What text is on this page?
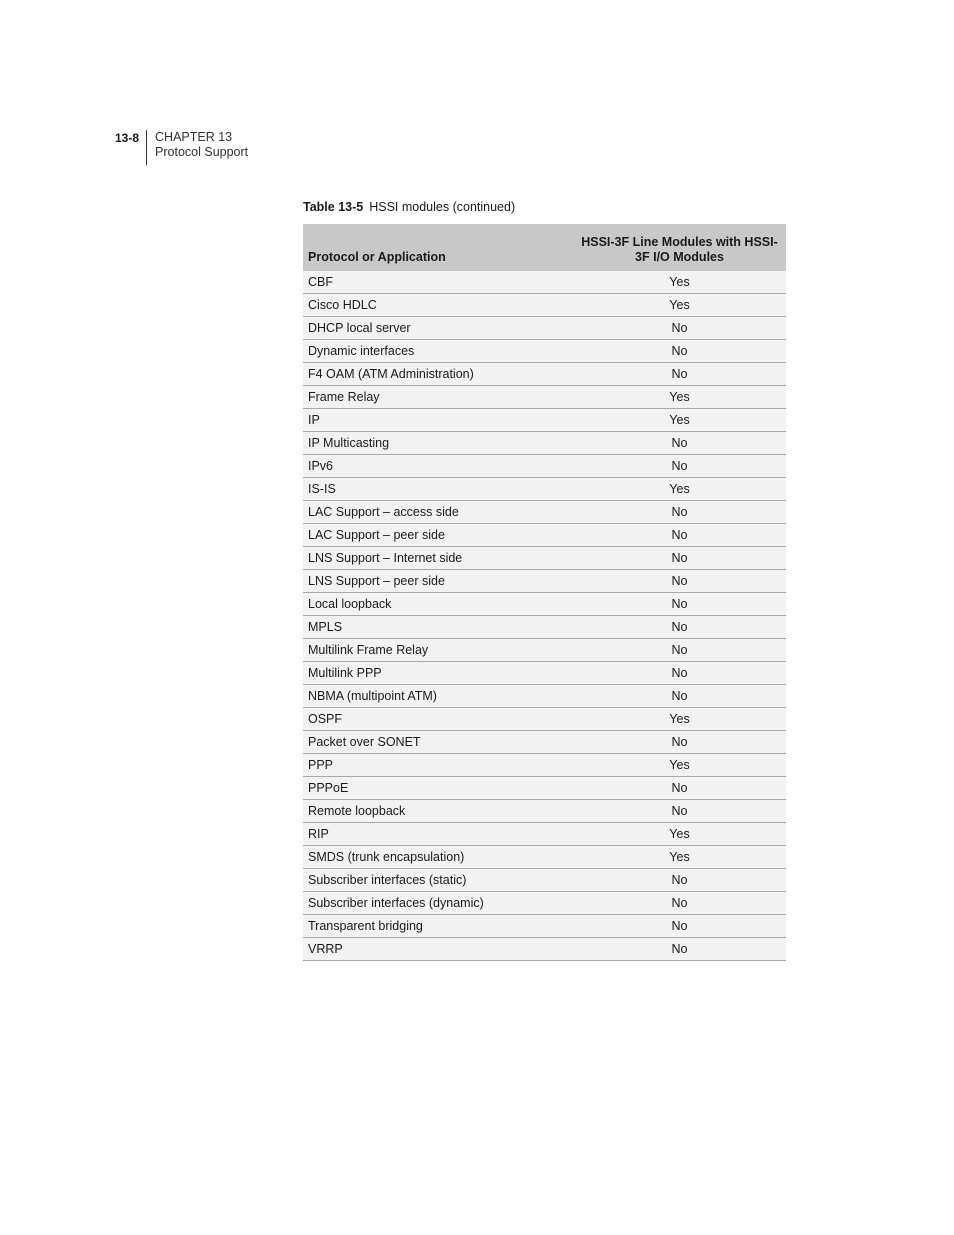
13-8	CHAPTER 13
Protocol Support
Table 13-5 HSSI modules (continued)
Protocol or Application	HSSI-3F Line Modules with HSSI-3F I/O Modules
CBF	Yes
Cisco HDLC	Yes
DHCP local server	No
Dynamic interfaces	No
F4 OAM (ATM Administration)	No
Frame Relay	Yes
IP	Yes
IP Multicasting	No
IPv6	No
IS-IS	Yes
LAC Support – access side	No
LAC Support – peer side	No
LNS Support – Internet side	No
LNS Support – peer side	No
Local loopback	No
MPLS	No
Multilink Frame Relay	No
Multilink PPP	No
NBMA (multipoint ATM)	No
OSPF	Yes
Packet over SONET	No
PPP	Yes
PPPoE	No
Remote loopback	No
RIP	Yes
SMDS (trunk encapsulation)	Yes
Subscriber interfaces (static)	No
Subscriber interfaces (dynamic)	No
Transparent bridging	No
VRRP	No
